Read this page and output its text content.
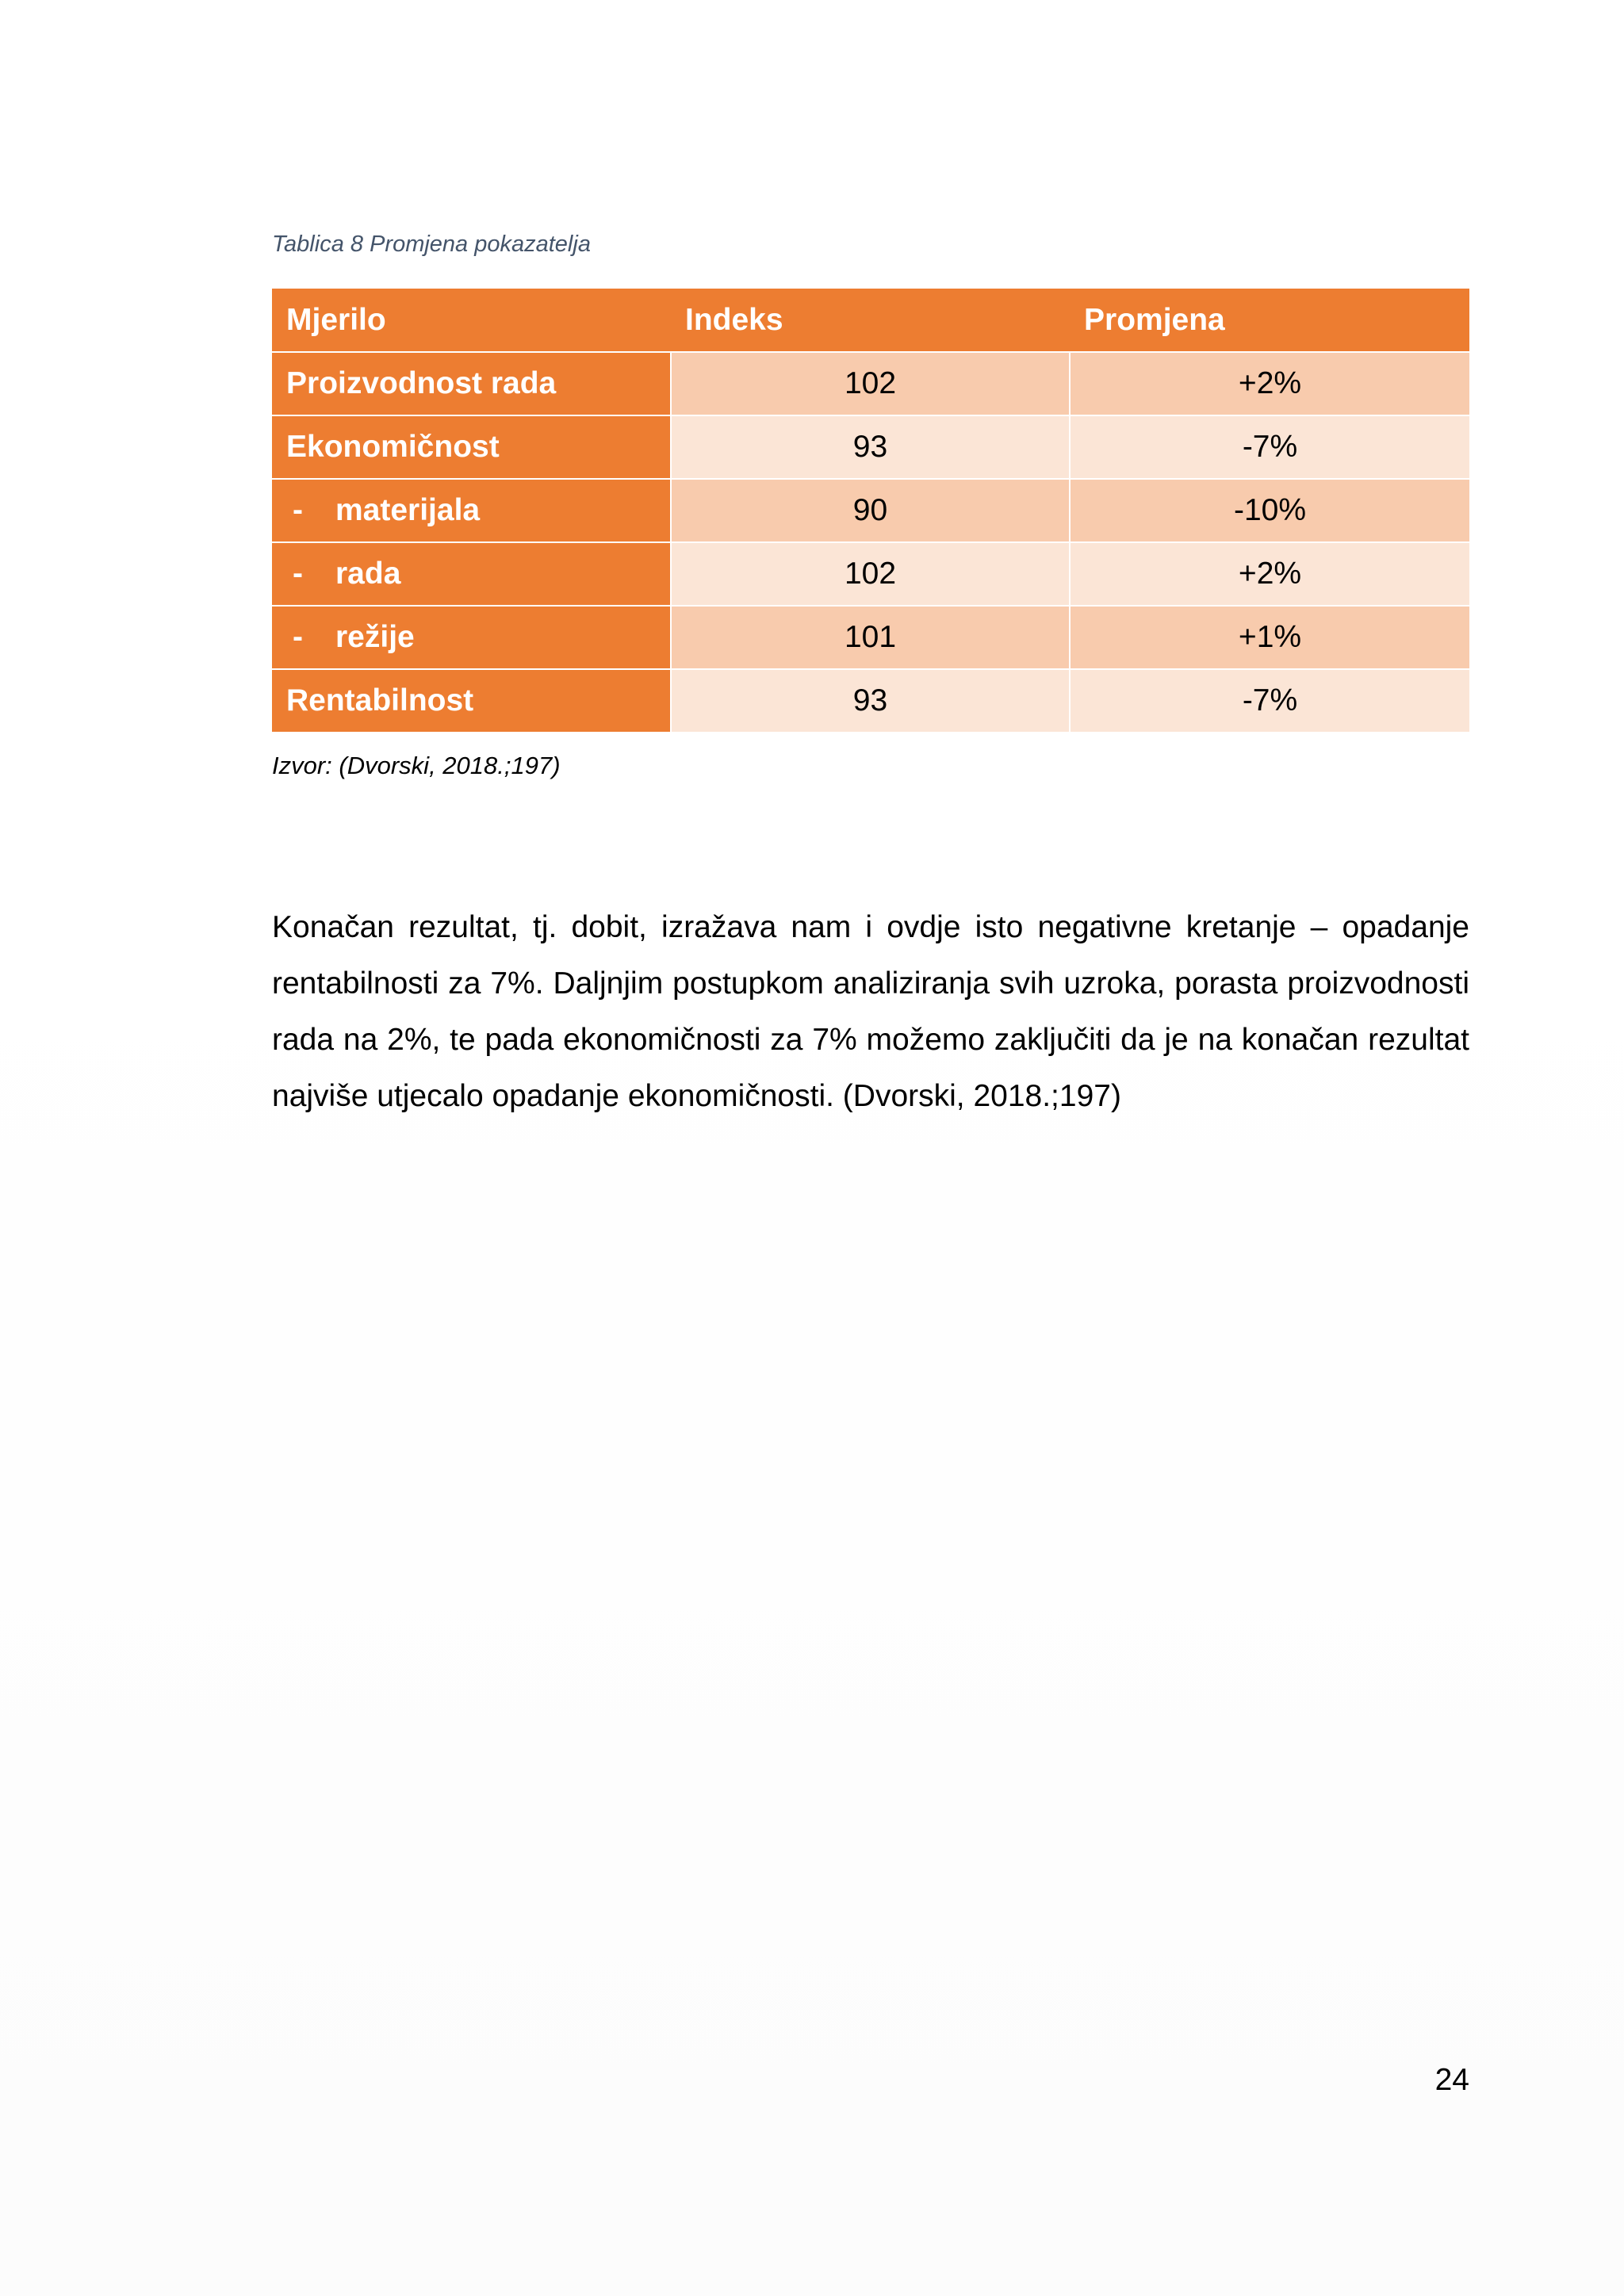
Tablica 8 Promjena pokazatelja
Mjerilo	Indeks	Promjena
Proizvodnost rada	102	+2%
Ekonomičnost	93	-7%
- materijala	90	-10%
- rada	102	+2%
- režije	101	+1%
Rentabilnost	93	-7%
Izvor: (Dvorski, 2018.;197)

Konačan rezultat, tj. dobit, izražava nam i ovdje isto negativne kretanje – opadanje rentabilnosti za 7%. Daljnjim postupkom analiziranja svih uzroka, porasta proizvodnosti rada na 2%, te pada ekonomičnosti za 7% možemo zaključiti da je na konačan rezultat najviše utjecalo opadanje ekonomičnosti. (Dvorski, 2018.;197)

24
